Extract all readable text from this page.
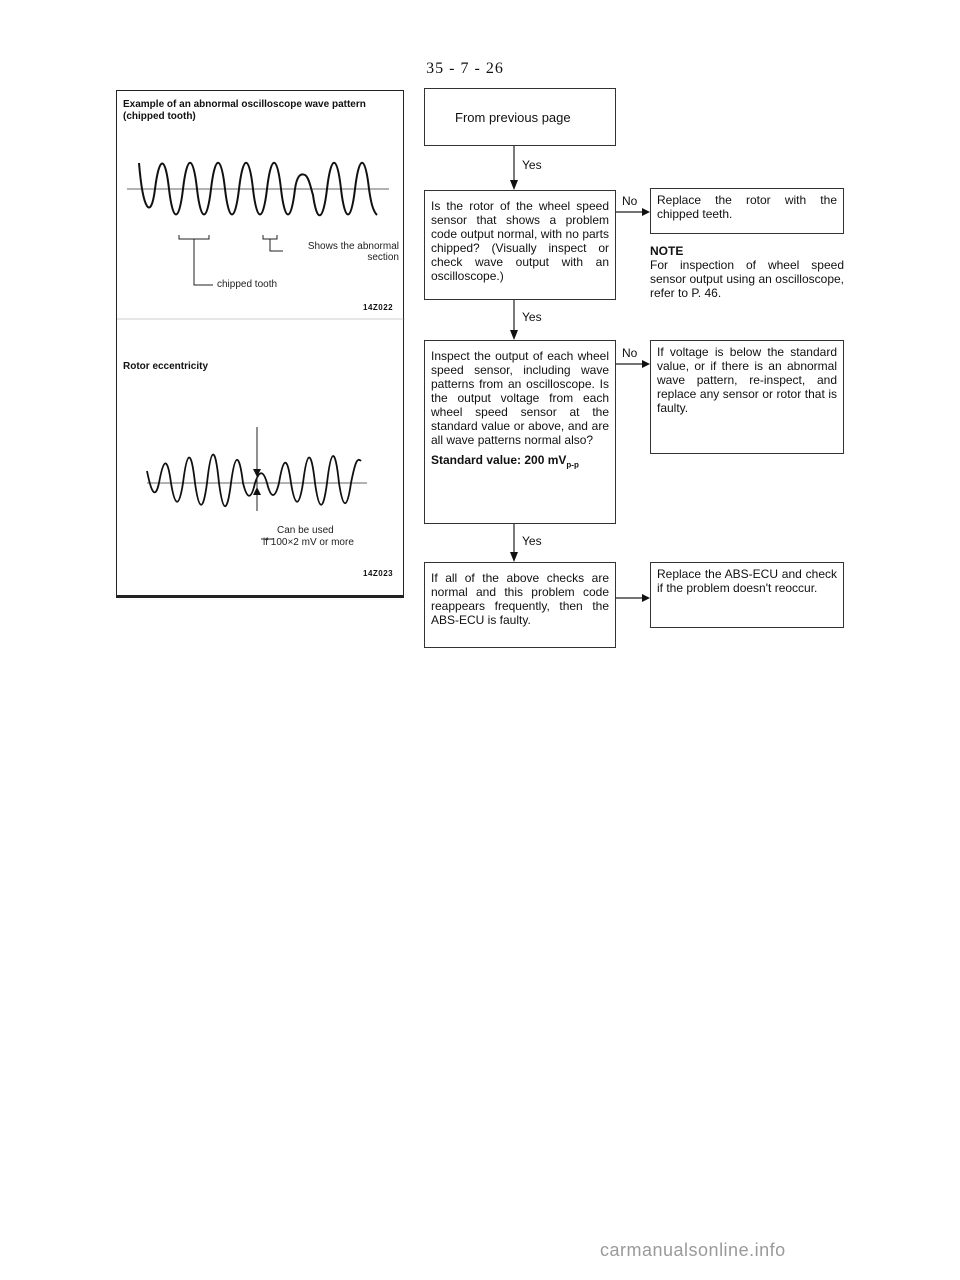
35 - 7 - 26
Example of an abnormal oscilloscope wave pattern (chipped tooth)
Shows the abnormal section
chipped tooth
14Z022
Rotor eccentricity
Can be used
if 100×2 mV or more
14Z023
From previous page
Yes
Is the rotor of the wheel speed sensor that shows a problem code output normal, with no parts chipped? (Visually inspect or check wave output with an oscilloscope.)
No	Replace the rotor with the chipped teeth.
NOTE
For inspection of wheel speed sensor output using an oscilloscope, refer to P. 46.
Yes
Inspect the output of each wheel speed sensor, including wave patterns from an oscilloscope. Is the output voltage from each wheel speed sensor at the standard value or above, and are all wave patterns normal also?
Standard value: 200 $mV_{p-p}$
No	If voltage is below the standard value, or if there is an abnormal wave pattern, re-inspect, and replace any sensor or rotor that is faulty.
Yes
If all of the above checks are normal and this problem code reappears frequently, then the ABS-ECU is faulty.
Replace the ABS-ECU and check if the problem doesn't reoccur.
carmanualsonline.info
